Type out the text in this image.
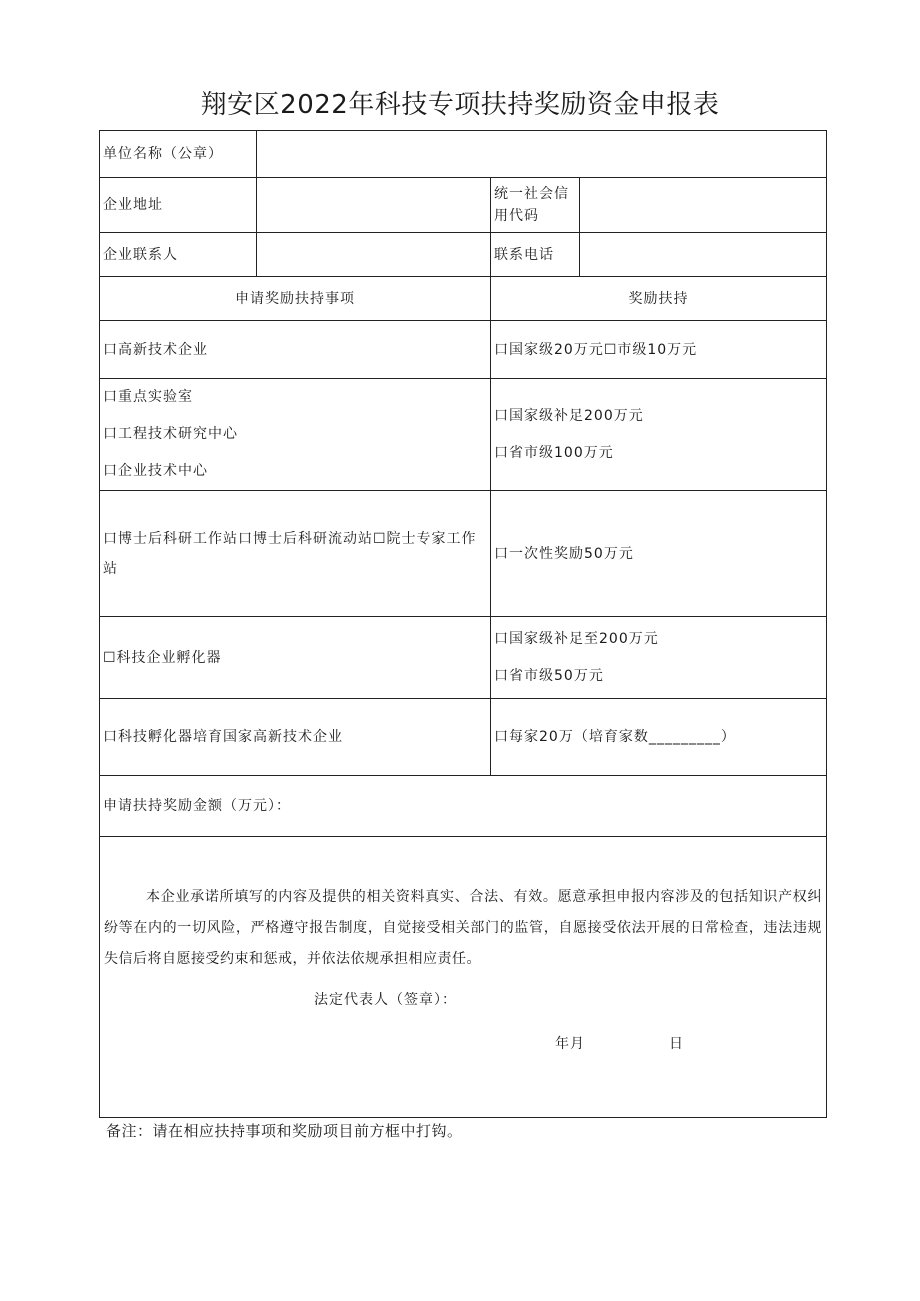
翔安区2022年科技专项扶持奖励资金申报表
单位名称（公章）			
企业地址		统一社会信用代码	
企业联系人		联系电话	
申请奖励扶持事项		奖励扶持	
口高新技术企业		口国家级20万元☐市级10万元	

口重点实验室
口工程技术研究中心
口企业技术中心		口国家级补足200万元
口省市级100万元	

口博士后科研工作站口博士后科研流动站☐院士专家工作站		口一次性奖励50万元	
☐科技企业孵化器		口国家级补足至200万元
口省市级50万元	

口科技孵化器培育国家高新技术企业		口每家20万（培育家数_________）	
申请扶持奖励金额（万元）：			

本企业承诺所填写的内容及提供的相关资料真实、合法、有效。愿意承担申报内容涉及的包括知识产权纠纷等在内的一切风险，严格遵守报告制度，自觉接受相关部门的监管，自愿接受依法开展的日常检查，违法违规失信后将自愿接受约束和惩戒，并依法依规承担相应责任。
法定代表人（签章）：
年月 日			
备注：请在相应扶持事项和奖励项目前方框中打钩。
